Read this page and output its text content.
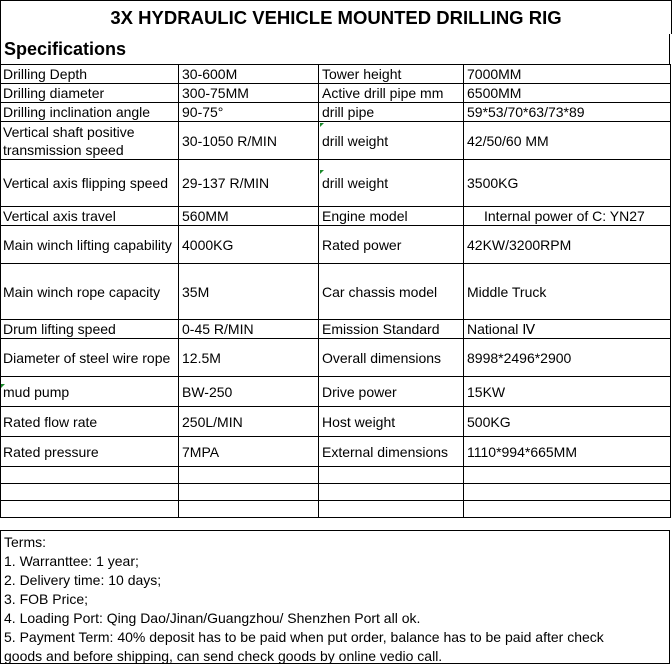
3X HYDRAULIC VEHICLE MOUNTED DRILLING RIG
Specifications
Drilling Depth	30-600M	Tower height	7000MM
Drilling diameter	300-75MM	Active drill pipe mm	6500MM
Drilling inclination angle	90-75°	drill pipe	59*53/70*63/73*89
Vertical shaft positive transmission speed	30-1050 R/MIN	drill weight	42/50/60 MM
Vertical axis flipping speed	29-137 R/MIN	drill weight	3500KG
Vertical axis travel	560MM	Engine model	Internal power of C: YN27
Main winch lifting capability	4000KG	Rated power	42KW/3200RPM
Main winch rope capacity	35M	Car chassis model	Middle Truck
Drum lifting speed	0-45 R/MIN	Emission Standard	National Ⅳ
Diameter of steel wire rope	12.5M	Overall dimensions	8998*2496*2900
mud pump	BW-250	Drive power	15KW
Rated flow rate	250L/MIN	Host weight	500KG
Rated pressure	7MPA	External dimensions	1110*994*665MM

Terms:
1. Warranttee: 1 year;
2. Delivery time: 10 days;
3. FOB Price;
4. Loading Port: Qing Dao/Jinan/Guangzhou/ Shenzhen Port all ok.
5. Payment Term: 40% deposit has to be paid when put order, balance has to be paid after check
goods and before shipping, can send check goods by online vedio call.
